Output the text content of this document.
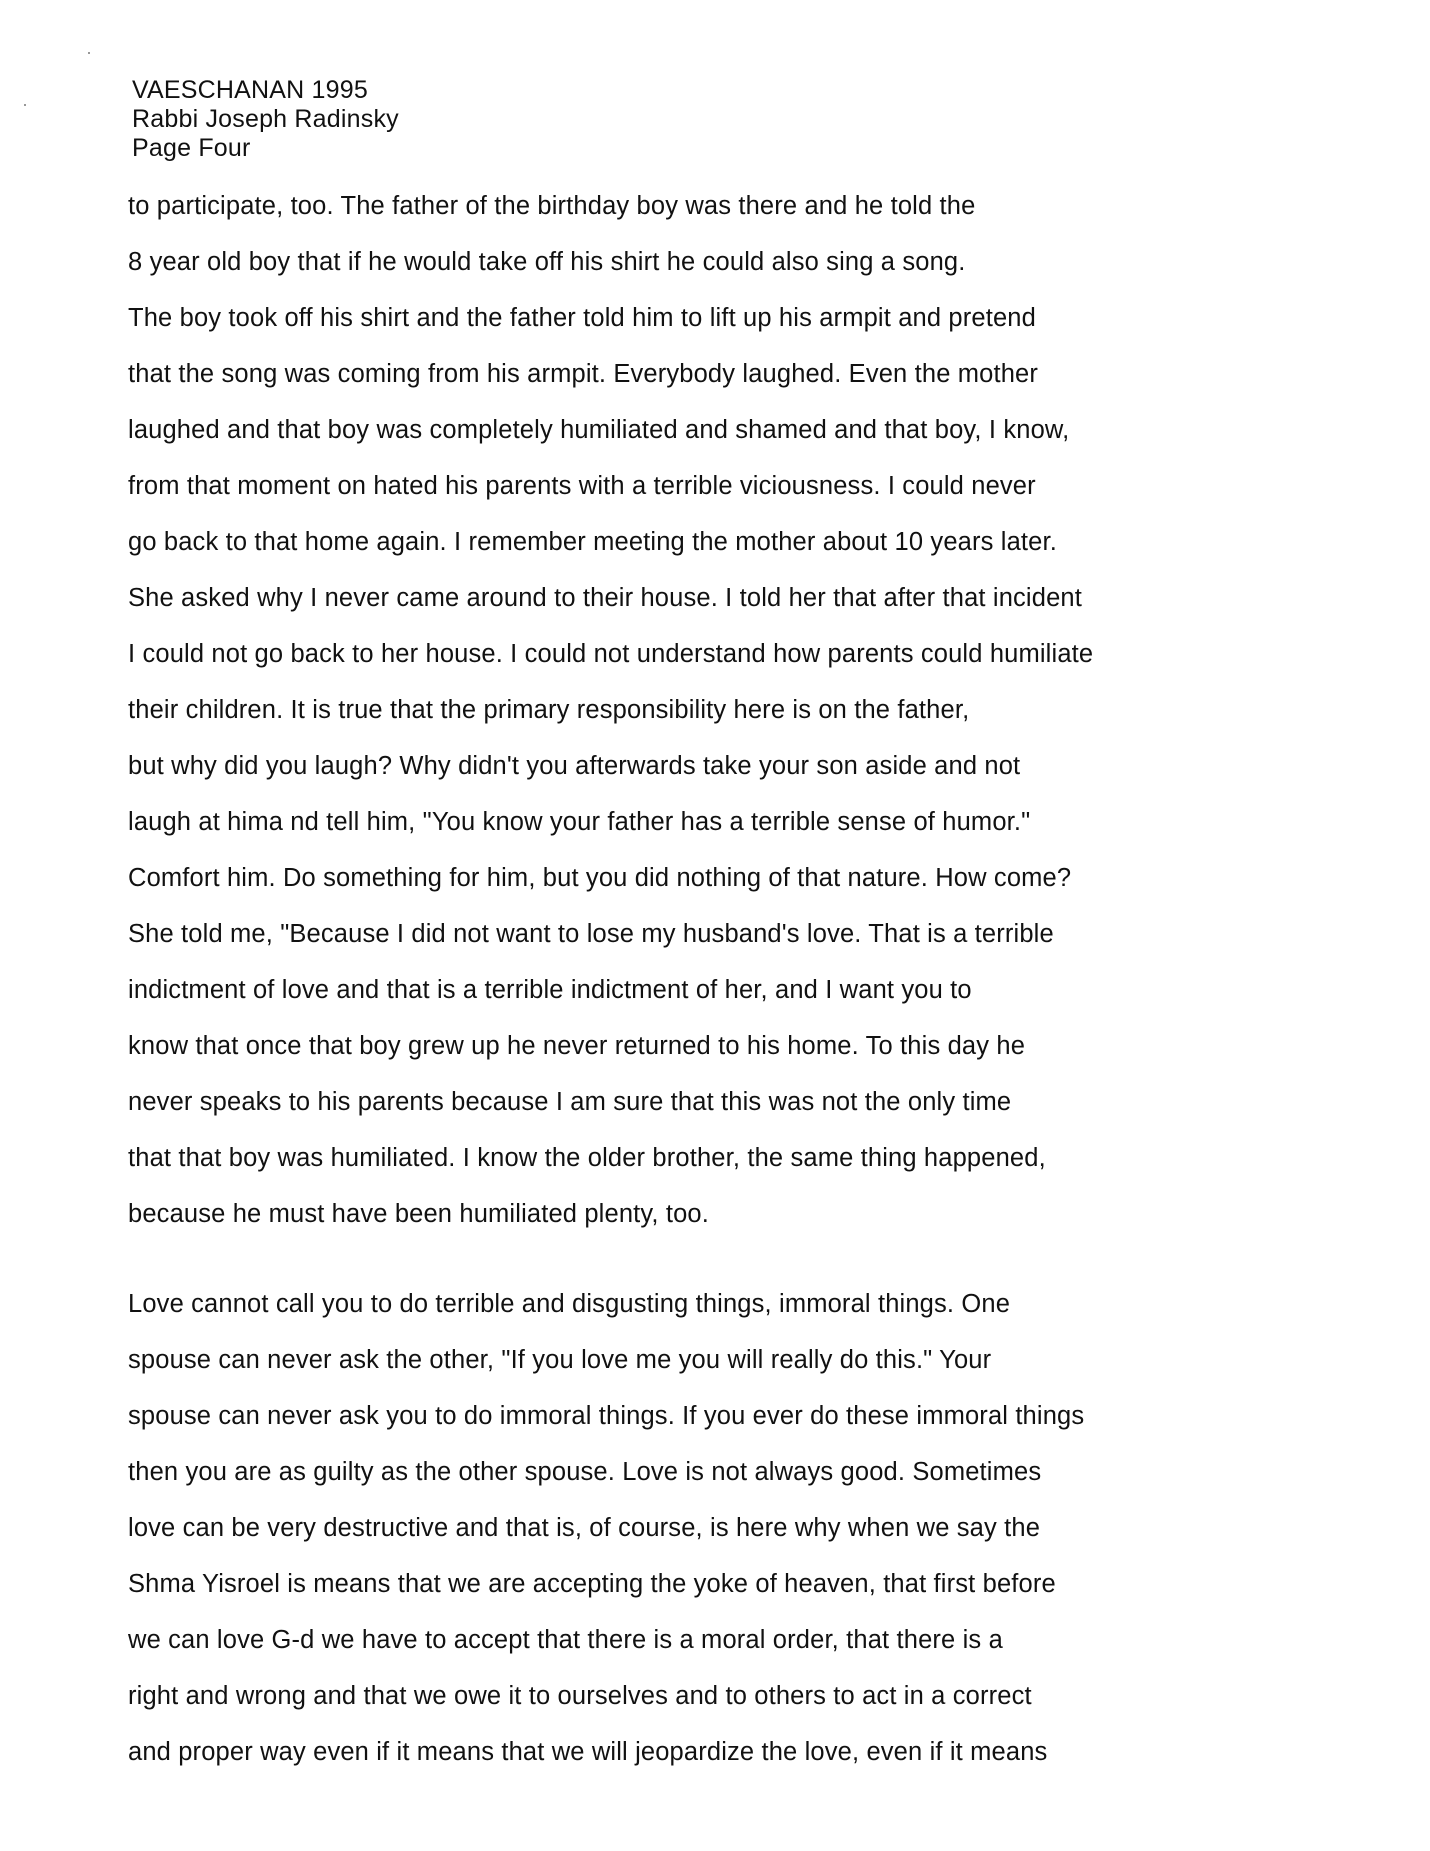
VAESCHANAN 1995
Rabbi Joseph Radinsky
Page Four
to participate, too. The father of the birthday boy was there and he told the
8 year old boy that if he would take off his shirt he could also sing a song.
The boy took off his shirt and the father told him to lift up his armpit and pretend
that the song was coming from his armpit. Everybody laughed. Even the mother
laughed and that boy was completely humiliated and shamed and that boy, I know,
from that moment on hated his parents with a terrible viciousness. I could never
go back to that home again. I remember meeting the mother about 10 years later.
She asked why I never came around to their house. I told her that after that incident
I could not go back to her house. I could not understand how parents could humiliate
their children. It is true that the primary responsibility here is on the father,
but why did you laugh? Why didn't you afterwards take your son aside and not
laugh at hima nd tell him, "You know your father has a terrible sense of humor."
Comfort him. Do something for him, but you did nothing of that nature. How come?
She told me, "Because I did not want to lose my husband's love. That is a terrible
indictment of love and that is a terrible indictment of her, and I want you to
know that once that boy grew up he never returned to his home. To this day he
never speaks to his parents because I am sure that this was not the only time
that that boy was humiliated. I know the older brother, the same thing happened,
because he must have been humiliated plenty, too.
Love cannot call you to do terrible and disgusting things, immoral things. One
spouse can never ask the other, "If you love me you will really do this." Your
spouse can never ask you to do immoral things. If you ever do these immoral things
then you are as guilty as the other spouse. Love is not always good. Sometimes
love can be very destructive and that is, of course, is here why when we say the
Shma Yisroel is means that we are accepting the yoke of heaven, that first before
we can love G-d we have to accept that there is a moral order, that there is a
right and wrong and that we owe it to ourselves and to others to act in a correct
and proper way even if it means that we will jeopardize the love, even if it means
